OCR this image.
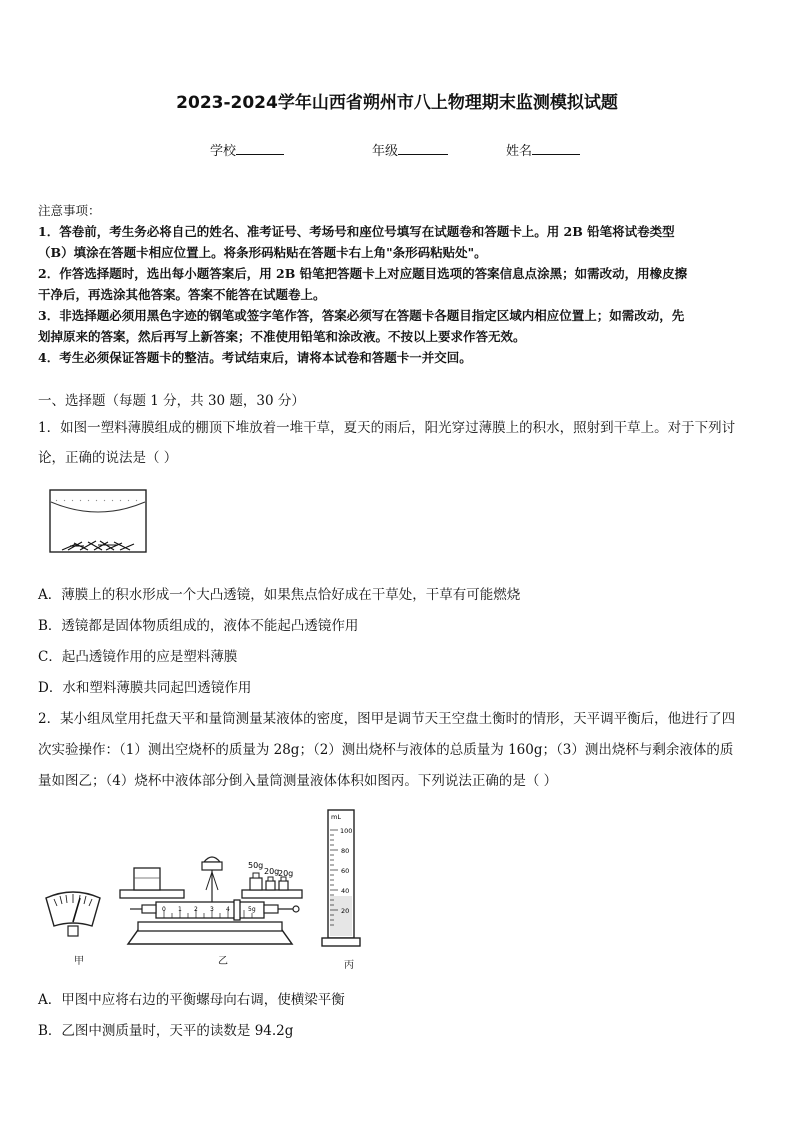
2023-2024学年山西省朔州市八上物理期末监测模拟试题
学校	年级	姓名
注意事项：
1．答卷前，考生务必将自己的姓名、准考证号、考场号和座位号填写在试题卷和答题卡上。用 2B 铅笔将试卷类型
（B）填涂在答题卡相应位置上。将条形码粘贴在答题卡右上角"条形码粘贴处"。
2．作答选择题时，选出每小题答案后，用 2B 铅笔把答题卡上对应题目选项的答案信息点涂黑；如需改动，用橡皮擦
干净后，再选涂其他答案。答案不能答在试题卷上。
3．非选择题必须用黑色字迹的钢笔或签字笔作答，答案必须写在答题卡各题目指定区域内相应位置上；如需改动，先
划掉原来的答案，然后再写上新答案；不准使用铅笔和涂改液。不按以上要求作答无效。
4．考生必须保证答题卡的整洁。考试结束后，请将本试卷和答题卡一并交回。
一、选择题（每题 1 分，共 30 题，30 分）
1．如图一塑料薄膜组成的棚顶下堆放着一堆干草，夏天的雨后，阳光穿过薄膜上的积水，照射到干草上。对于下列讨
论，正确的说法是（ ）
A．薄膜上的积水形成一个大凸透镜，如果焦点恰好成在干草处，干草有可能燃烧
B．透镜都是固体物质组成的，液体不能起凸透镜作用
C．起凸透镜作用的应是塑料薄膜
D．水和塑料薄膜共同起凹透镜作用
2．某小组凤堂用托盘天平和量筒测量某液体的密度，图甲是调节天王空盘土衡时的情形，天平调平衡后，他进行了四
次实验操作：（1）测出空烧杯的质量为 28g；（2）测出烧杯与液体的总质量为 160g；（3）测出烧杯与剩余液体的质
量如图乙；（4）烧杯中液体部分倒入量筒测量液体体积如图丙。下列说法正确的是（ ）
甲
0 1 2 3 4	5g
50g
20g
20g
乙
mL
100
80
60
40
20
丙
A．甲图中应将右边的平衡螺母向右调，使横梁平衡
B．乙图中测质量时，天平的读数是 94.2g
